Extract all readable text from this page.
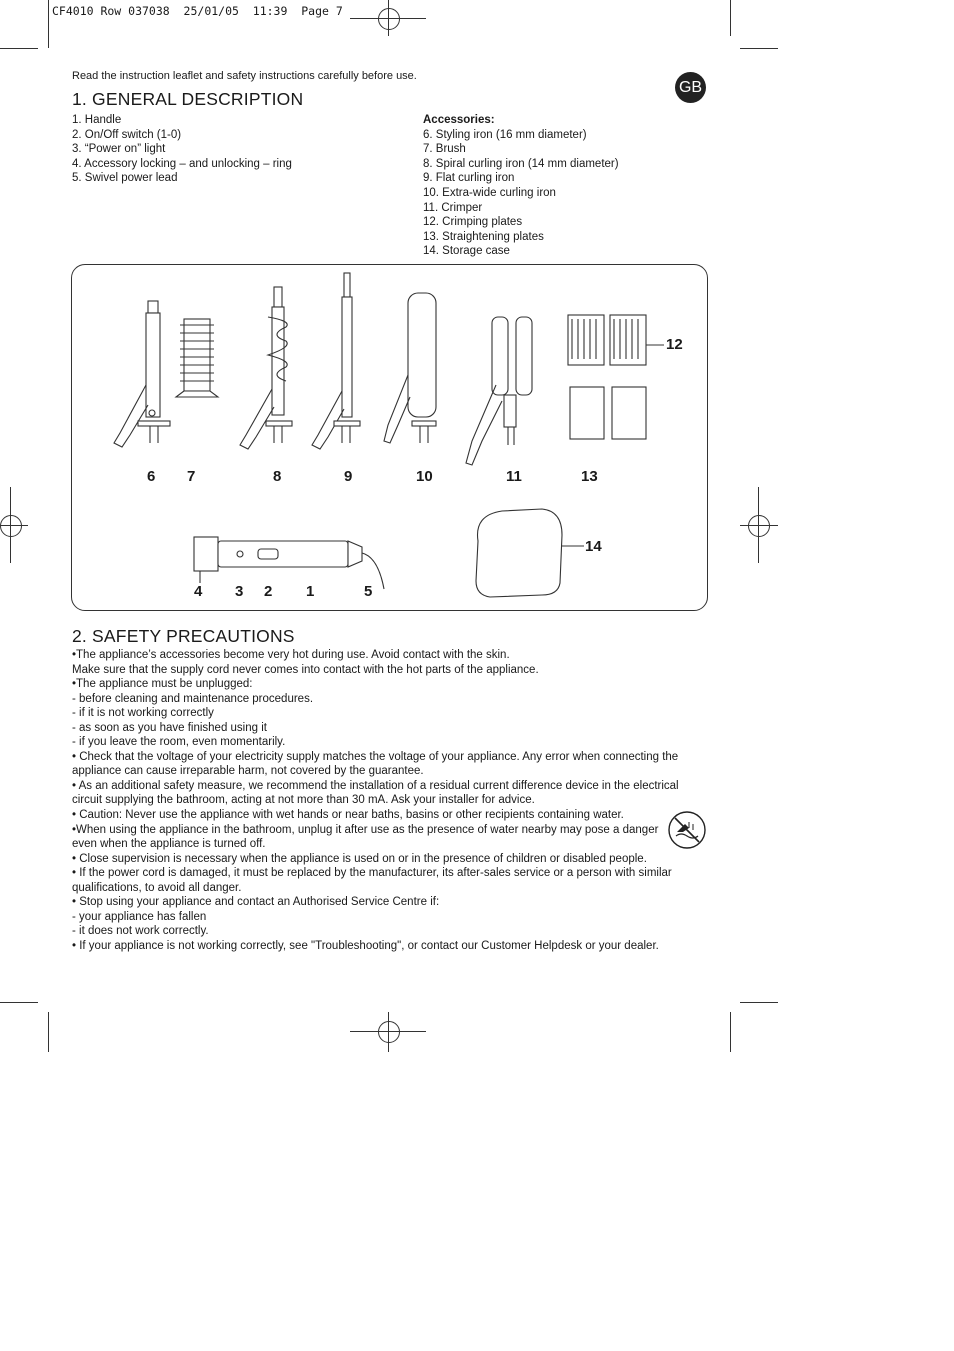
CF4010 Row 037038  25/01/05  11:39  Page 7
Read the instruction leaflet and safety instructions carefully before use.
GB
1. GENERAL DESCRIPTION
1. Handle
2. On/Off switch (1-0)
3. “Power on” light
4. Accessory locking – and unlocking – ring
5. Swivel power lead
Accessories:
6. Styling iron (16 mm diameter)
7. Brush
8. Spiral curling iron (14 mm diameter)
9. Flat curling iron
10. Extra-wide curling iron
11. Crimper
12. Crimping plates
13. Straightening plates
14. Storage case
6 7	8	9	10	11	13
12
14
4 3 2 1	5
2. SAFETY PRECAUTIONS

•The appliance’s accessories become very hot during use. Avoid contact with the skin.

Make sure that the supply cord never comes into contact with the hot parts of the appliance.

•The appliance must be unplugged:

- before cleaning and maintenance procedures.

- if it is not working correctly

- as soon as you have finished using it

- if you leave the room, even momentarily.

• Check that the voltage of your electricity supply matches the voltage of your appliance. Any error when connecting the appliance can cause irreparable harm, not covered by the guarantee.

• As an additional safety measure, we recommend the installation of a residual current difference device in the electrical circuit supplying the bathroom, acting at not more than 30 mA. Ask your installer for advice.

• Caution: Never use the appliance with wet hands or near baths, basins or other recipients containing water.

•When using the appliance in the bathroom, unplug it after use as the presence of water nearby may pose a danger even when the appliance is turned off.

• Close supervision is necessary when the appliance is used on or in the presence of children or disabled people.

• If the power cord is damaged, it must be replaced by the manufacturer, its after-sales service or a person with similar qualifications, to avoid all danger.

• Stop using your appliance and contact an Authorised Service Centre if:

- your appliance has fallen

- it does not work correctly.

• If your appliance is not working correctly, see "Troubleshooting", or contact our Customer Helpdesk or your dealer.
